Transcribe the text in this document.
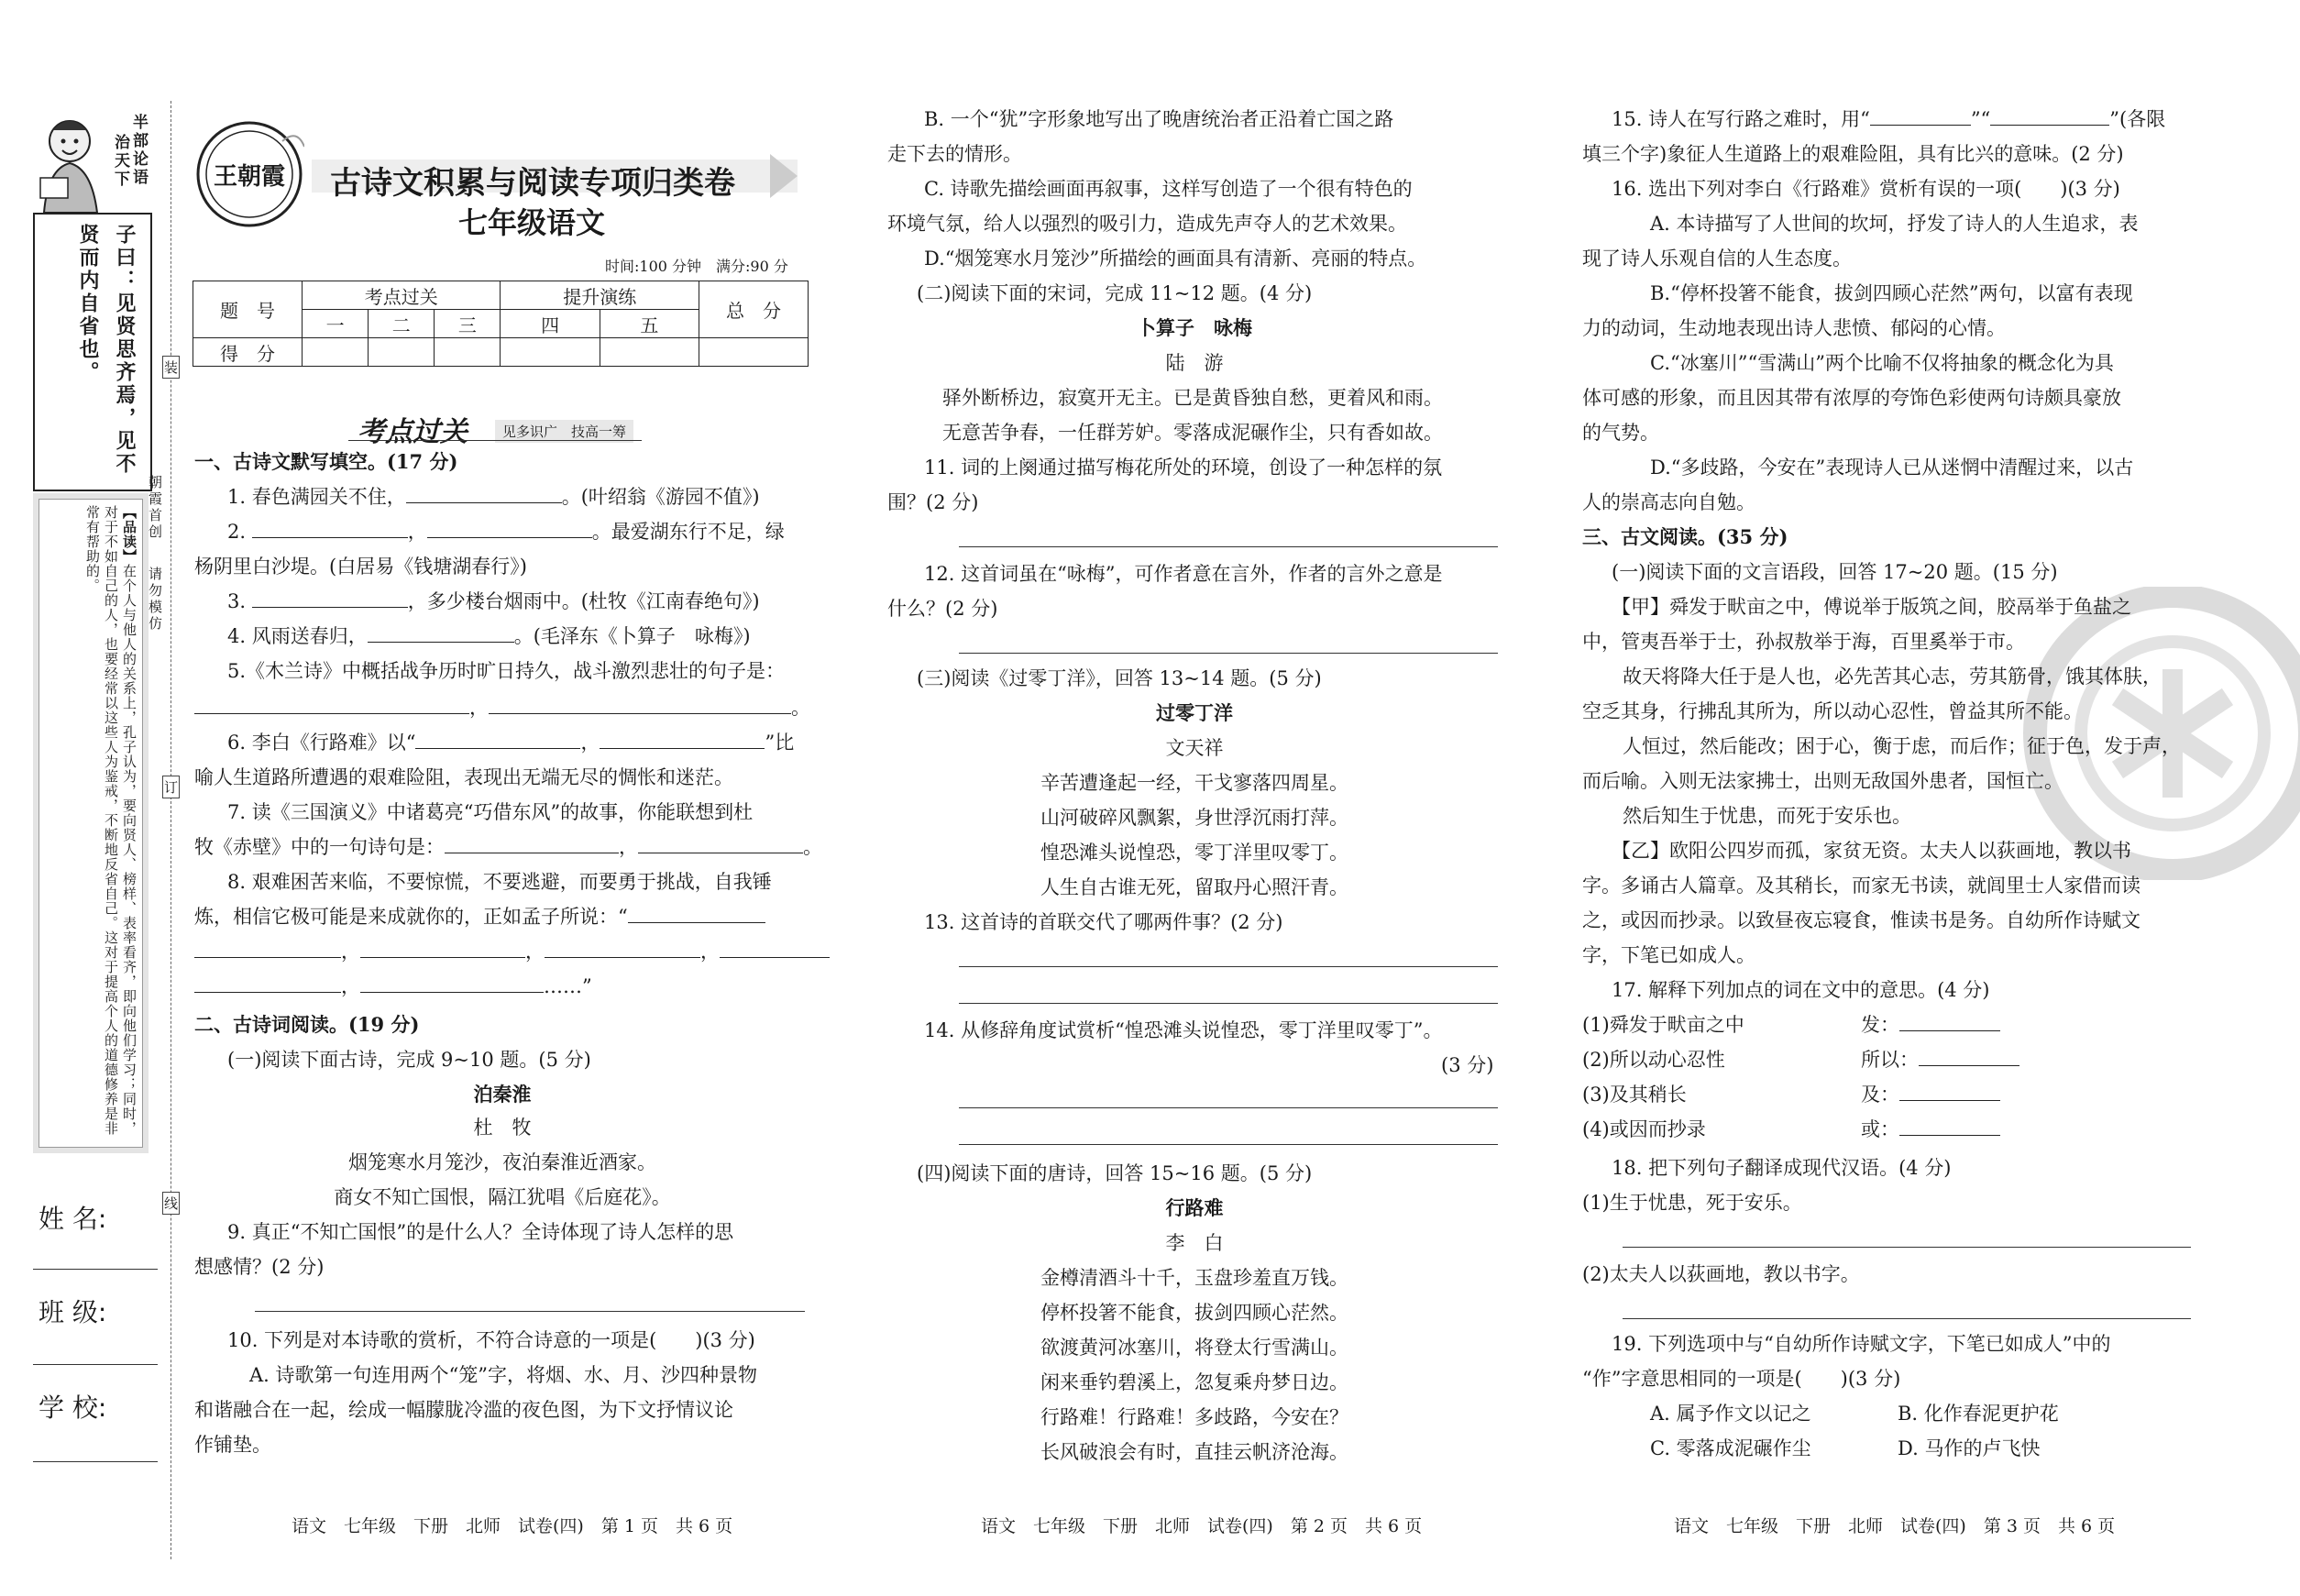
半部论语
治天下
子曰：见贤思齐焉，见不贤而内自省也。
【品读】在个人与他人的关系上，孔子认为，要向贤人、榜样、表率看齐，即向他们学习；同时，对于不如自己的人，也要经常以这些人为鉴戒，不断地反省自己。这对于提高个人的道德修养是非常有帮助的。	朝霞首创
请勿模仿
装
订
线
姓 名:
班 级:
学 校:
王朝霞 古诗文积累与阅读专项归类卷
七年级语文
时间:100 分钟　满分:90 分
题　号	考点过关			提升演练		总　分
	一	二	三	四	五	
得　分						
考点过关	见多识广　技高一筹
一、古诗文默写填空。(17 分)
1. 春色满园关不住，	。(叶绍翁《游园不值》)
2.	，	。最爱湖东行不足，绿
杨阴里白沙堤。(白居易《钱塘湖春行》)
3.	，多少楼台烟雨中。(杜牧《江南春绝句》)
4. 风雨送春归，	。(毛泽东《卜算子　咏梅》)
5.《木兰诗》中概括战争历时旷日持久，战斗激烈悲壮的句子是：
，	。
6. 李白《行路难》以“	，	”比
喻人生道路所遭遇的艰难险阻，表现出无端无尽的惆怅和迷茫。
7. 读《三国演义》中诸葛亮“巧借东风”的故事，你能联想到杜
牧《赤壁》中的一句诗句是：	，	。
8. 艰难困苦来临，不要惊慌，不要逃避，而要勇于挑战，自我锤
炼，相信它极可能是来成就你的，正如孟子所说：“
，	，	，
，	……”
二、古诗词阅读。(19 分)
(一)阅读下面古诗，完成 9~10 题。(5 分)
泊秦淮
杜　牧
烟笼寒水月笼沙，夜泊秦淮近酒家。
商女不知亡国恨，隔江犹唱《后庭花》。
9. 真正“不知亡国恨”的是什么人？全诗体现了诗人怎样的思
想感情？(2 分)
10. 下列是对本诗歌的赏析，不符合诗意的一项是(　　)(3 分)
A. 诗歌第一句连用两个“笼”字，将烟、水、月、沙四种景物
和谐融合在一起，绘成一幅朦胧冷滥的夜色图，为下文抒情议论
作铺垫。
语文　七年级　下册　北师　试卷(四)　第 1 页　共 6 页
B. 一个“犹”字形象地写出了晚唐统治者正沿着亡国之路
走下去的情形。
C. 诗歌先描绘画面再叙事，这样写创造了一个很有特色的
环境气氛，给人以强烈的吸引力，造成先声夺人的艺术效果。
D.“烟笼寒水月笼沙”所描绘的画面具有清新、亮丽的特点。
(二)阅读下面的宋词，完成 11~12 题。(4 分)
卜算子　咏梅
陆　游
驿外断桥边，寂寞开无主。已是黄昏独自愁，更着风和雨。
无意苦争春，一任群芳妒。零落成泥碾作尘，只有香如故。
11. 词的上阕通过描写梅花所处的环境，创设了一种怎样的氛
围？(2 分)
12. 这首词虽在“咏梅”，可作者意在言外，作者的言外之意是
什么？(2 分)
(三)阅读《过零丁洋》，回答 13~14 题。(5 分)
过零丁洋
文天祥
辛苦遭逢起一经，干戈寥落四周星。
山河破碎风飘絮，身世浮沉雨打萍。
惶恐滩头说惶恐，零丁洋里叹零丁。
人生自古谁无死，留取丹心照汗青。
13. 这首诗的首联交代了哪两件事？(2 分)
14. 从修辞角度试赏析“惶恐滩头说惶恐，零丁洋里叹零丁”。
(3 分)
(四)阅读下面的唐诗，回答 15~16 题。(5 分)
行路难
李　白
金樽清酒斗十千，玉盘珍羞直万钱。
停杯投箸不能食，拔剑四顾心茫然。
欲渡黄河冰塞川，将登太行雪满山。
闲来垂钓碧溪上，忽复乘舟梦日边。
行路难！行路难！多歧路，今安在？
长风破浪会有时，直挂云帆济沧海。
语文　七年级　下册　北师　试卷(四)　第 2 页　共 6 页
15. 诗人在写行路之难时，用“	”“	”(各限
填三个字)象征人生道路上的艰难险阻，具有比兴的意味。(2 分)
16. 选出下列对李白《行路难》赏析有误的一项(　　)(3 分)
A. 本诗描写了人世间的坎坷，抒发了诗人的人生追求，表
现了诗人乐观自信的人生态度。
B.“停杯投箸不能食，拔剑四顾心茫然”两句，以富有表现
力的动词，生动地表现出诗人悲愤、郁闷的心情。
C.“冰塞川”“雪满山”两个比喻不仅将抽象的概念化为具
体可感的形象，而且因其带有浓厚的夸饰色彩使两句诗颇具豪放
的气势。
D.“多歧路，今安在”表现诗人已从迷惘中清醒过来，以古
人的崇高志向自勉。
三、古文阅读。(35 分)
(一)阅读下面的文言语段，回答 17~20 题。(15 分)
【甲】舜发于畎亩之中，傅说举于版筑之间，胶鬲举于鱼盐之
中，管夷吾举于士，孙叔敖举于海，百里奚举于市。
故天将降大任于是人也，必先苦其心志，劳其筋骨，饿其体肤，
空乏其身，行拂乱其所为，所以动心忍性，曾益其所不能。
人恒过，然后能改；困于心，衡于虑，而后作；征于色，发于声，
而后喻。入则无法家拂士，出则无敌国外患者，国恒亡。
然后知生于忧患，而死于安乐也。
【乙】欧阳公四岁而孤，家贫无资。太夫人以荻画地，教以书
字。多诵古人篇章。及其稍长，而家无书读，就闾里士人家借而读
之，或因而抄录。以致昼夜忘寝食，惟读书是务。自幼所作诗赋文
字，下笔已如成人。
17. 解释下列加点的词在文中的意思。(4 分)
(1)舜发于畎亩之中	发：
(2)所以动心忍性	所以：
(3)及其稍长	及：
(4)或因而抄录	或：
18. 把下列句子翻译成现代汉语。(4 分)
(1)生于忧患，死于安乐。
(2)太夫人以荻画地，教以书字。
19. 下列选项中与“自幼所作诗赋文字，下笔已如成人”中的
“作”字意思相同的一项是(　　)(3 分)
A. 属予作文以记之	B. 化作春泥更护花
C. 零落成泥碾作尘	D. 马作的卢飞快
语文　七年级　下册　北师　试卷(四)　第 3 页　共 6 页
